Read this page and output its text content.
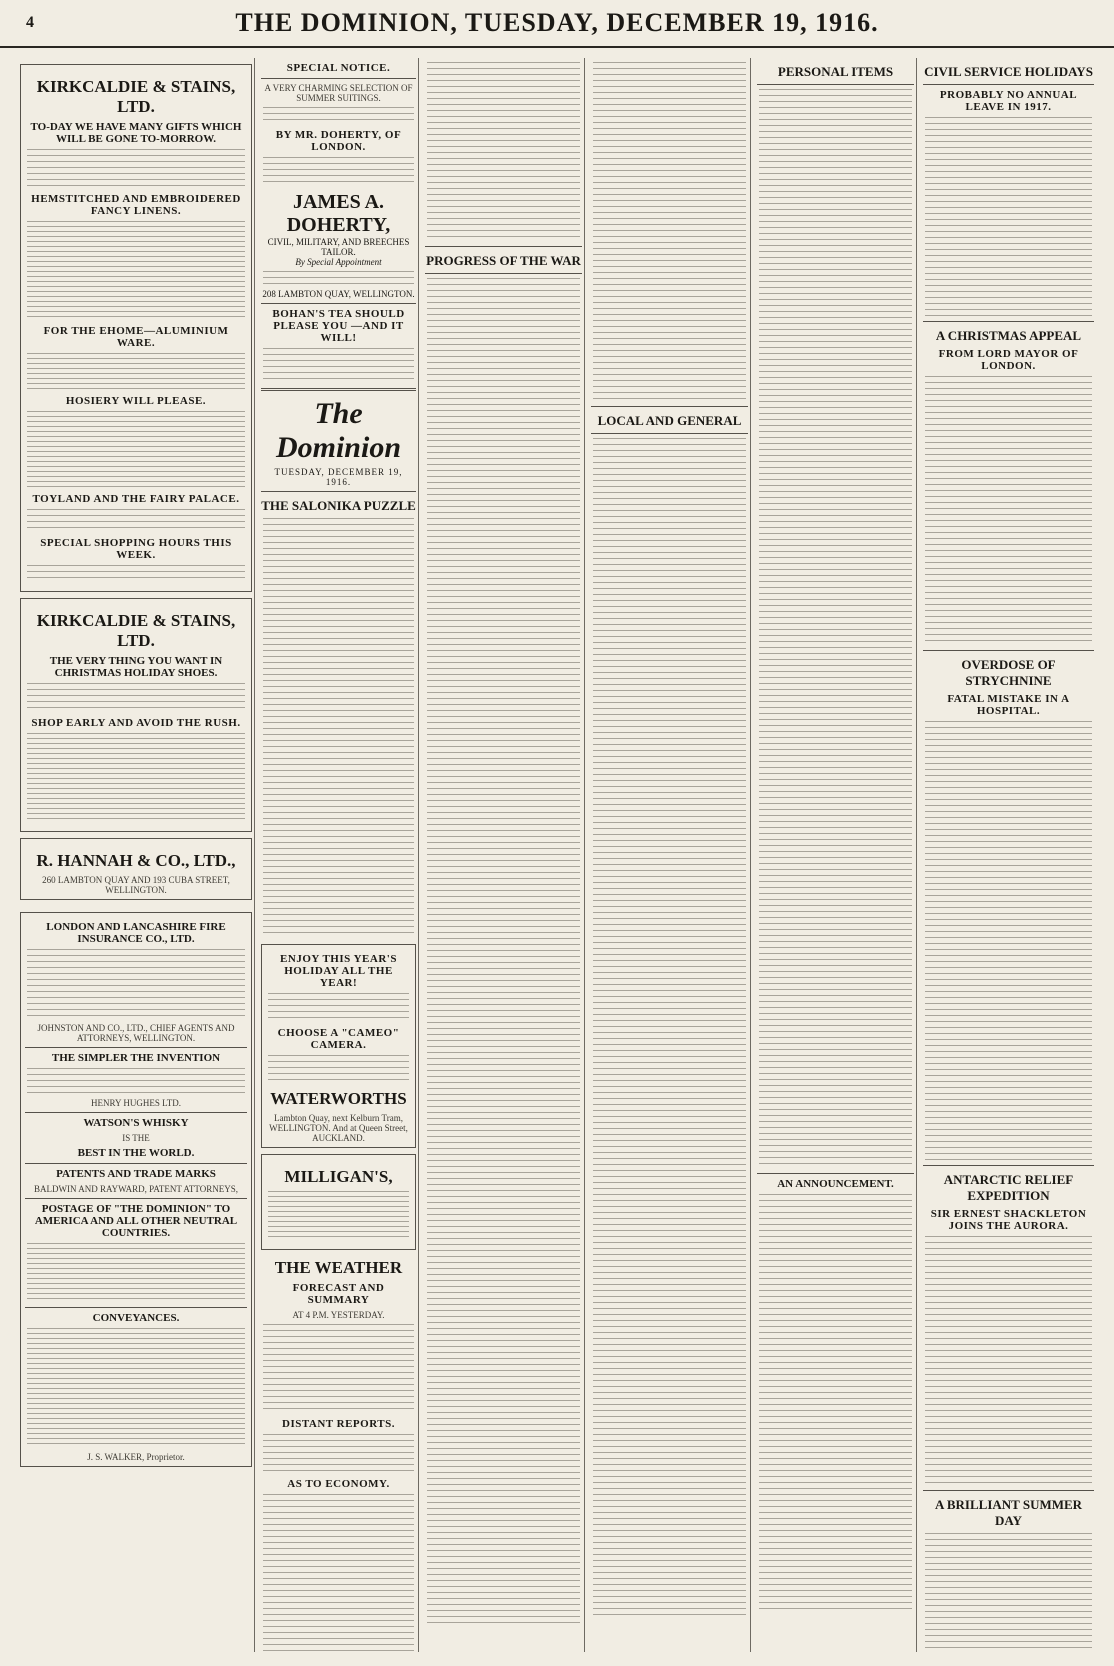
4	THE DOMINION, TUESDAY, DECEMBER 19, 1916.
KIRKCALDIE & STAINS, LTD.
TO-DAY WE HAVE MANY GIFTS WHICH WILL BE GONE TO-MORROW.
HEMSTITCHED AND EMBROIDERED FANCY LINENS.
FOR THE EHOME—ALUMINIUM WARE.
HOSIERY WILL PLEASE.
TOYLAND AND THE FAIRY PALACE.
SPECIAL SHOPPING HOURS THIS WEEK.
KIRKCALDIE & STAINS, LTD.
THE VERY THING YOU WANT IN CHRISTMAS HOLIDAY SHOES.
SHOP EARLY AND AVOID THE RUSH.
R. HANNAH & CO., LTD.,
260 LAMBTON QUAY AND 193 CUBA STREET, WELLINGTON.
LONDON AND LANCASHIRE FIRE INSURANCE CO., LTD.
JOHNSTON AND CO., LTD., CHIEF AGENTS AND ATTORNEYS, WELLINGTON.
THE SIMPLER THE INVENTION
HENRY HUGHES LTD.
WATSON'S WHISKY
IS THE
BEST IN THE WORLD.
PATENTS AND TRADE MARKS
BALDWIN AND RAYWARD, PATENT ATTORNEYS,
POSTAGE OF "THE DOMINION" TO AMERICA AND ALL OTHER NEUTRAL COUNTRIES.
CONVEYANCES.
J. S. WALKER, Proprietor.
SPECIAL NOTICE.
A VERY CHARMING SELECTION OF SUMMER SUITINGS.
BY MR. DOHERTY, OF LONDON.
JAMES A. DOHERTY,
CIVIL, MILITARY, AND BREECHES TAILOR.
By Special Appointment
208 LAMBTON QUAY, WELLINGTON.
BOHAN'S TEA SHOULD PLEASE YOU —AND IT WILL!
The Dominion
TUESDAY, DECEMBER 19, 1916.
THE SALONIKA PUZZLE
ENJOY THIS YEAR'S HOLIDAY ALL THE YEAR!
CHOOSE A "CAMEO" CAMERA.
WATERWORTHS
Lambton Quay, next Kelburn Tram, WELLINGTON. And at Queen Street, AUCKLAND.
MILLIGAN'S,
THE WEATHER
FORECAST AND SUMMARY
AT 4 P.M. YESTERDAY.
DISTANT REPORTS.
AS TO ECONOMY.
PROGRESS OF THE WAR
LOCAL AND GENERAL
PERSONAL ITEMS
AN ANNOUNCEMENT.
CIVIL SERVICE HOLIDAYS
PROBABLY NO ANNUAL LEAVE IN 1917.
A CHRISTMAS APPEAL
FROM LORD MAYOR OF LONDON.
OVERDOSE OF STRYCHNINE
FATAL MISTAKE IN A HOSPITAL.
ANTARCTIC RELIEF EXPEDITION
SIR ERNEST SHACKLETON JOINS THE AURORA.
A BRILLIANT SUMMER DAY
